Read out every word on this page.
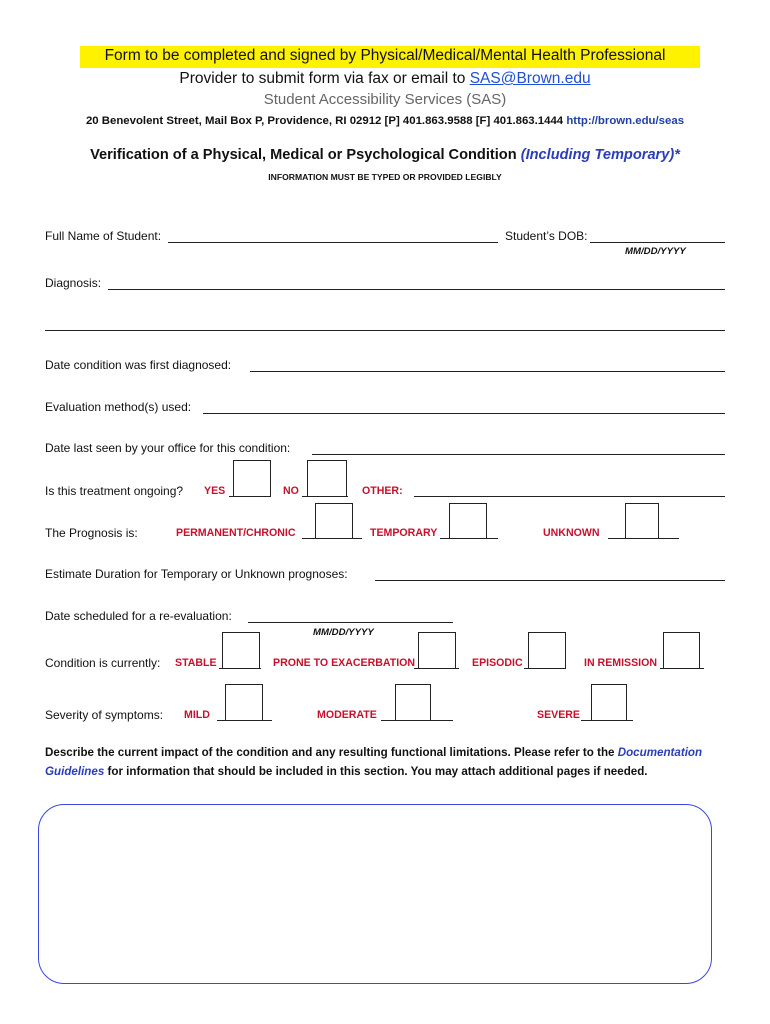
Form to be completed and signed by Physical/Medical/Mental Health Professional
Provider to submit form via fax or email to SAS@Brown.edu
Student Accessibility Services (SAS)
20 Benevolent Street, Mail Box P, Providence, RI 02912 [P] 401.863.9588 [F] 401.863.1444 http://brown.edu/seas
Verification of a Physical, Medical or Psychological Condition (Including Temporary)*
INFORMATION MUST BE TYPED OR PROVIDED LEGIBLY
Full Name of Student:	Student’s DOB:
MM/DD/YYYY
Diagnosis:
Date condition was first diagnosed:
Evaluation method(s) used:
Date last seen by your office for this condition:
Is this treatment ongoing? YES	NO	OTHER:
The Prognosis is:	PERMANENT/CHRONIC	TEMPORARY	UNKNOWN
Estimate Duration for Temporary or Unknown prognoses:
Date scheduled for a re-evaluation:
MM/DD/YYYY
Condition is currently: STABLE	PRONE TO EXACERBATION	EPISODIC	IN REMISSION
Severity of symptoms: MILD	MODERATE	SEVERE
Describe the current impact of the condition and any resulting functional limitations. Please refer to the Documentation Guidelines for information that should be included in this section. You may attach additional pages if needed.
